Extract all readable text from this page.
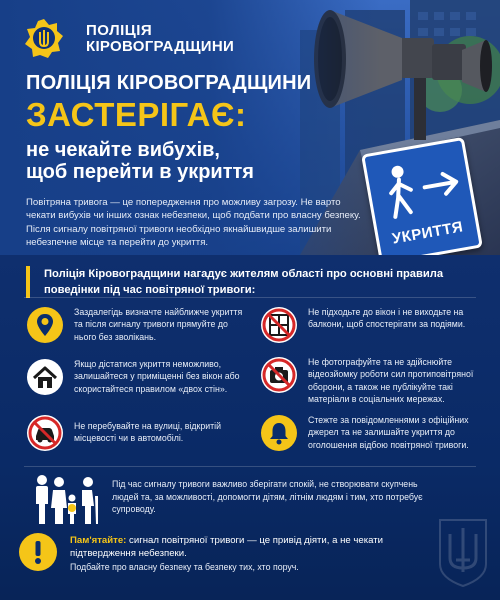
ПОЛІЦІЯ
КІРОВОГРАДЩИНИ
ПОЛІЦІЯ КІРОВОГРАДЩИНИ
ЗАСТЕРІГАЄ:
не чекайте вибухів,
щоб перейти в укриття
Повітряна тривога — це попередження про можливу загрозу. Не варто чекати вибухів чи інших ознак небезпеки, щоб подбати про власну безпеку. Після сигналу повітряної тривоги необхідно якнайшвидше залишити небезпечне місце та перейти до укриття.	УКРИТТЯ

Поліція Кіровоградщини нагадує жителям області про основні правила поведінки під час повітряної тривоги:

Заздалегідь визначте найближче укриття та після сигналу тривоги прямуйте до нього без зволікань.
Не підходьте до вікон і не виходьте на балкони, щоб спостерігати за подіями.
Якщо дістатися укриття неможливо, залишайтеся у приміщенні без вікон або скористайтеся правилом «двох стін».
Не фотографуйте та не здійснюйте відеозйомку роботи сил протиповітряної оборони, а також не публікуйте такі матеріали в соціальних мережах.
Не перебувайте на вулиці, відкритій місцевості чи в автомобілі.
Стежте за повідомленнями з офіційних джерел та не залишайте укриття до оголошення відбою повітряної тривоги.
Під час сигналу тривоги важливо зберігати спокій, не створювати скупчень людей та, за можливості, допомогти дітям, літнім людям і тим, хто потребує супроводу.
Пам'ятайте: сигнал повітряної тривоги — це привід діяти, а не чекати підтвердження небезпеки.
Подбайте про власну безпеку та безпеку тих, хто поруч.
